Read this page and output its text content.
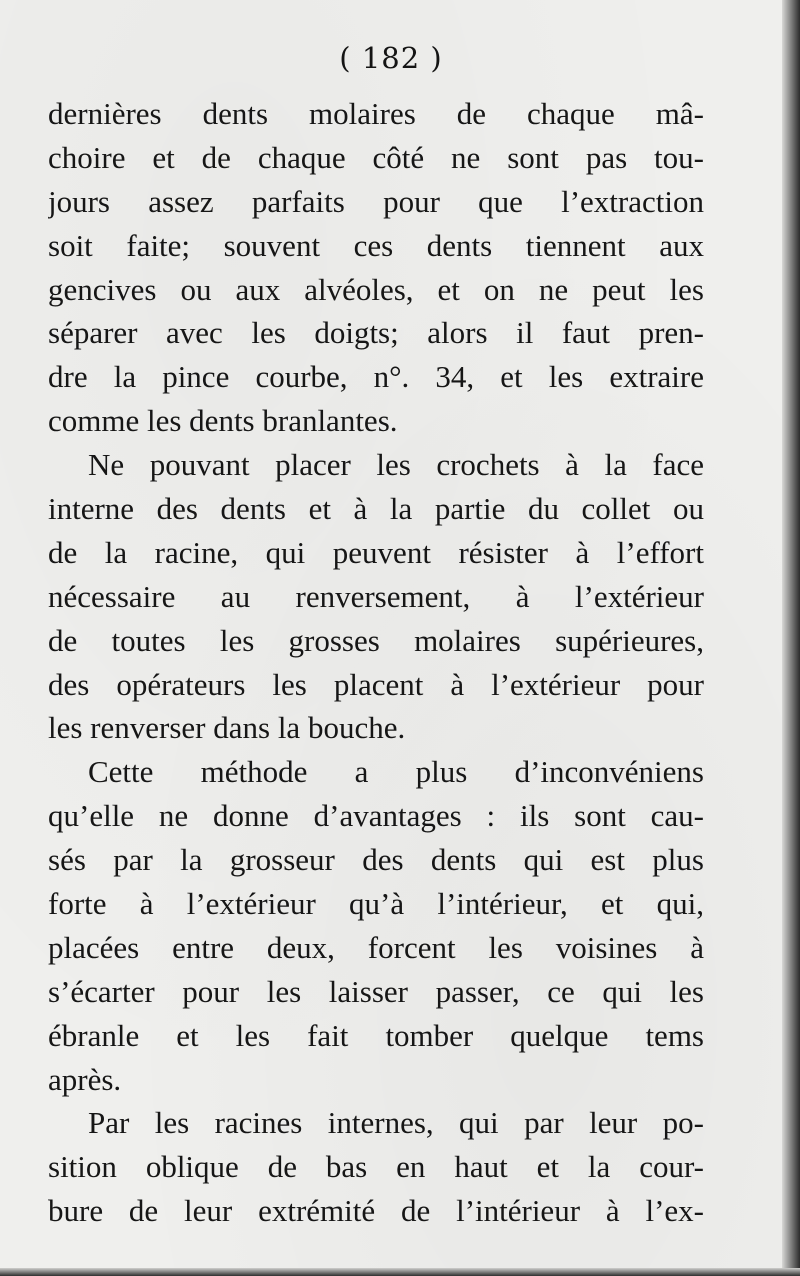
( 182 )
dernières dents molaires de chaque mâ-
choire et de chaque côté ne sont pas tou-
jours assez parfaits pour que l’extraction
soit faite; souvent ces dents tiennent aux
gencives ou aux alvéoles, et on ne peut les
séparer avec les doigts; alors il faut pren-
dre la pince courbe, n°. 34, et les extraire
comme les dents branlantes.
Ne pouvant placer les crochets à la face
interne des dents et à la partie du collet ou
de la racine, qui peuvent résister à l’effort
nécessaire au renversement, à l’extérieur
de toutes les grosses molaires supérieures,
des opérateurs les placent à l’extérieur pour
les renverser dans la bouche.
Cette méthode a plus d’inconvéniens
qu’elle ne donne d’avantages : ils sont cau-
sés par la grosseur des dents qui est plus
forte à l’extérieur qu’à l’intérieur, et qui,
placées entre deux, forcent les voisines à
s’écarter pour les laisser passer, ce qui les
ébranle et les fait tomber quelque tems
après.
Par les racines internes, qui par leur po-
sition oblique de bas en haut et la cour-
bure de leur extrémité de l’intérieur à l’ex-
